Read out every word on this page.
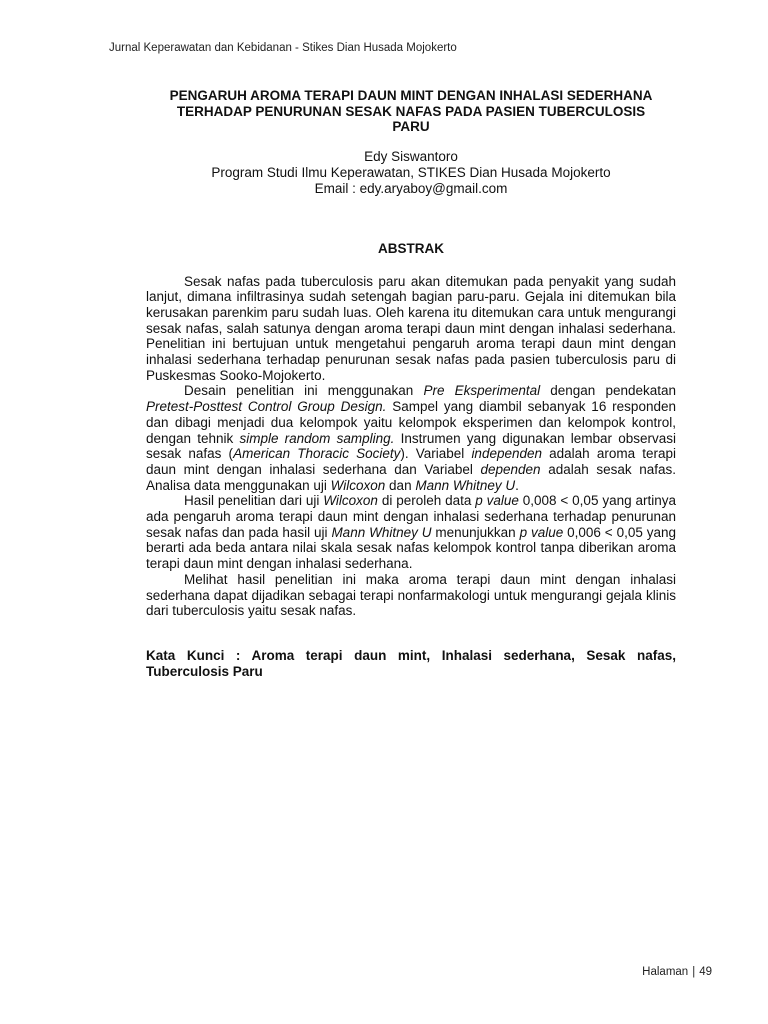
Jurnal Keperawatan dan Kebidanan - Stikes Dian Husada Mojokerto
PENGARUH AROMA TERAPI DAUN MINT DENGAN INHALASI SEDERHANA
TERHADAP PENURUNAN SESAK NAFAS PADA PASIEN TUBERCULOSIS
PARU
Edy Siswantoro
Program Studi Ilmu Keperawatan, STIKES Dian Husada Mojokerto
Email : edy.aryaboy@gmail.com
ABSTRAK

Sesak nafas pada tuberculosis paru akan ditemukan pada penyakit yang sudah lanjut, dimana infiltrasinya sudah setengah bagian paru-paru. Gejala ini ditemukan bila kerusakan parenkim paru sudah luas. Oleh karena itu ditemukan cara untuk mengurangi sesak nafas, salah satunya dengan aroma terapi daun mint dengan inhalasi sederhana. Penelitian ini bertujuan untuk mengetahui pengaruh aroma terapi daun mint dengan inhalasi sederhana terhadap penurunan sesak nafas pada pasien tuberculosis paru di Puskesmas Sooko-Mojokerto.

Desain penelitian ini menggunakan Pre Eksperimental dengan pendekatan Pretest-Posttest Control Group Design. Sampel yang diambil sebanyak 16 responden dan dibagi menjadi dua kelompok yaitu kelompok eksperimen dan kelompok kontrol, dengan tehnik simple random sampling. Instrumen yang digunakan lembar observasi sesak nafas (American Thoracic Society). Variabel independen adalah aroma terapi daun mint dengan inhalasi sederhana dan Variabel dependen adalah sesak nafas. Analisa data menggunakan uji Wilcoxon dan Mann Whitney U.

Hasil penelitian dari uji Wilcoxon di peroleh data p value 0,008 < 0,05 yang artinya ada pengaruh aroma terapi daun mint dengan inhalasi sederhana terhadap penurunan sesak nafas dan pada hasil uji Mann Whitney U menunjukkan p value 0,006 < 0,05 yang berarti ada beda antara nilai skala sesak nafas kelompok kontrol tanpa diberikan aroma terapi daun mint dengan inhalasi sederhana.

Melihat hasil penelitian ini maka aroma terapi daun mint dengan inhalasi sederhana dapat dijadikan sebagai terapi nonfarmakologi untuk mengurangi gejala klinis dari tuberculosis yaitu sesak nafas.

Kata Kunci : Aroma terapi daun mint, Inhalasi sederhana, Sesak nafas, Tuberculosis Paru
Halaman | 49
